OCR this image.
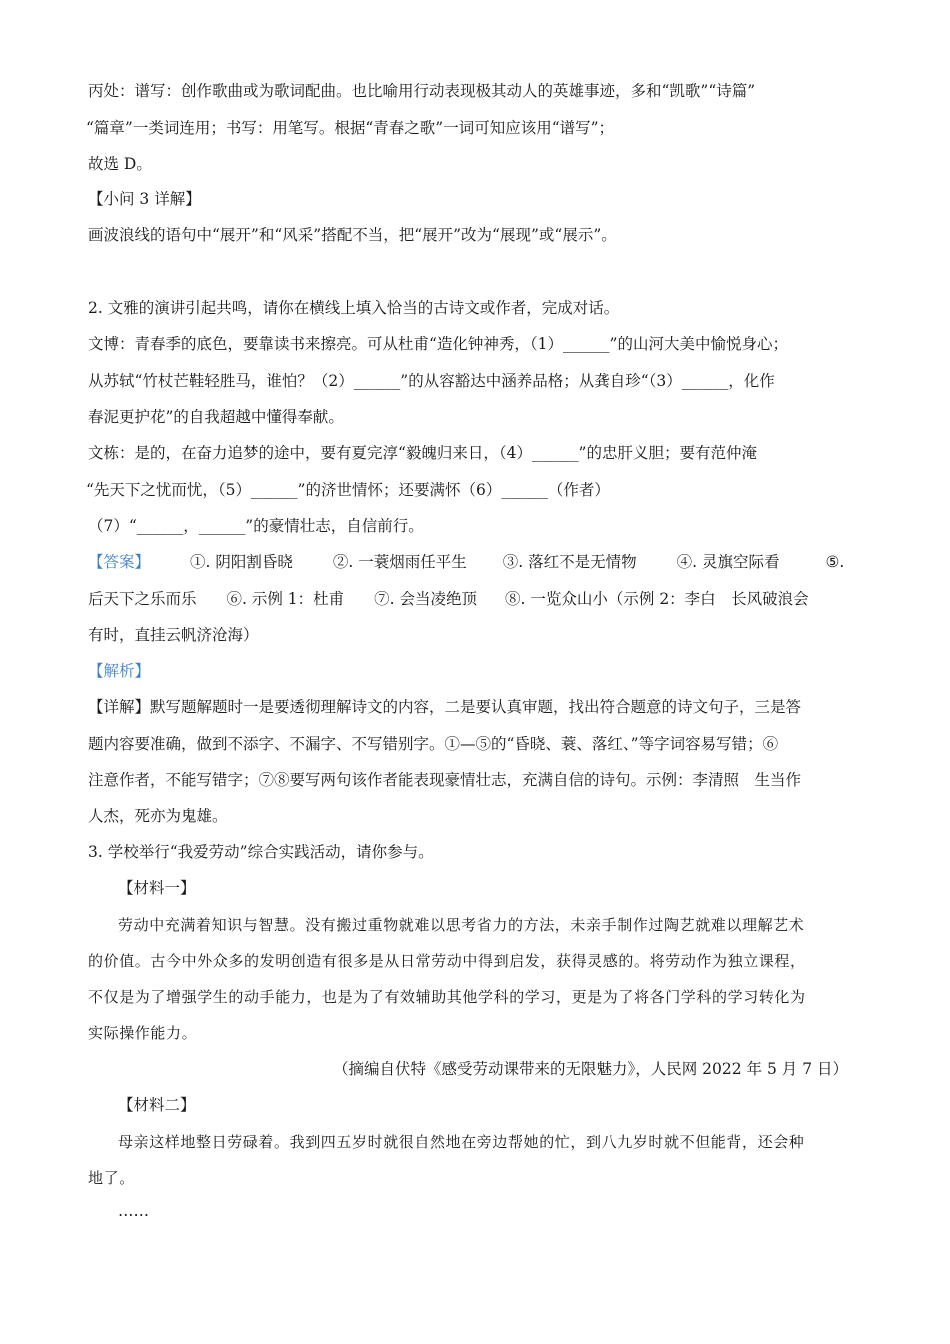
丙处：谱写：创作歌曲或为歌词配曲。也比喻用行动表现极其动人的英雄事迹，多和“凯歌”“诗篇”
“篇章”一类词连用；书写：用笔写。根据“青春之歌”一词可知应该用“谱写”；
故选 D。
【小问 3 详解】
画波浪线的语句中“展开”和“风采”搭配不当，把“展开”改为“展现”或“展示”。
2. 文雅的演讲引起共鸣，请你在横线上填入恰当的古诗文或作者，完成对话。
文博：青春季的底色，要靠读书来擦亮。可从杜甫“造化钟神秀，（1）______”的山河大美中愉悦身心；
从苏轼“竹杖芒鞋轻胜马，谁怕？（2）______”的从容豁达中涵养品格；从龚自珍“（3）______，化作
春泥更护花”的自我超越中懂得奉献。
文栋：是的，在奋力追梦的途中，要有夏完淳“毅魄归来日，（4）______”的忠肝义胆；要有范仲淹
“先天下之忧而忧，（5）______”的济世情怀；还要满怀（6）______（作者）
（7）“______，______”的豪情壮志，自信前行。
【答案】	①. 阴阳割昏晓	②. 一蓑烟雨任平生 ③. 落红不是无情物	④. 灵旗空际看	⑤.
后天下之乐而乐 ⑥. 示例 1：杜甫 ⑦. 会当凌绝顶 ⑧. 一览众山小（示例 2：李白　长风破浪会
有时，直挂云帆济沧海）
【解析】
【详解】默写题解题时一是要透彻理解诗文的内容，二是要认真审题，找出符合题意的诗文句子，三是答
题内容要准确，做到不添字、不漏字、不写错别字。①—⑤的“昏晓、蓑、落红、”等字词容易写错；⑥
注意作者，不能写错字；⑦⑧要写两句该作者能表现豪情壮志，充满自信的诗句。示例：李清照　生当作
人杰，死亦为鬼雄。
3. 学校举行“我爱劳动”综合实践活动，请你参与。
【材料一】
劳动中充满着知识与智慧。没有搬过重物就难以思考省力的方法，未亲手制作过陶艺就难以理解艺术
的价值。古今中外众多的发明创造有很多是从日常劳动中得到启发，获得灵感的。将劳动作为独立课程，
不仅是为了增强学生的动手能力，也是为了有效辅助其他学科的学习，更是为了将各门学科的学习转化为
实际操作能力。
（摘编自伏特《感受劳动课带来的无限魅力》，人民网 2022 年 5 月 7 日）
【材料二】
母亲这样地整日劳碌着。我到四五岁时就很自然地在旁边帮她的忙，到八九岁时就不但能背，还会种
地了。
……
